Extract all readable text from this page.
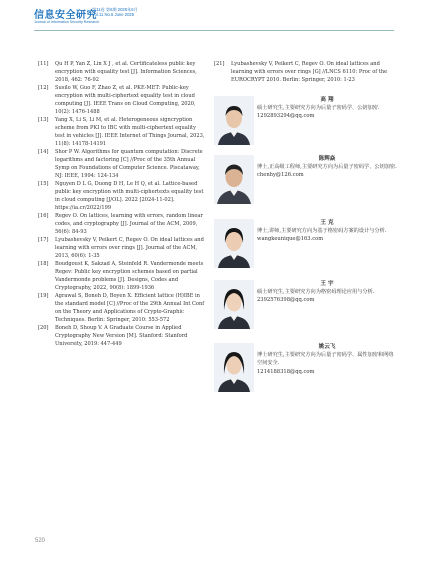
信息安全研究
Journal of Information Security Research
第11卷 第6期 2025年6月
Vol.11 No.6 June 2025
[11] Qu H P, Yan Z, Lin X J , et al. Certificateless public key encryption with equality test [J]. Information Sciences, 2018, 462: 76-92
[12] Susilo W, Guo F, Zhao Z, et al. PKE-MET: Public-key encryption with multi-ciphertext equality test in cloud computing [J]. IEEE Trans on Cloud Computing, 2020, 10(2): 1476-1488
[13] Yang X, Li S, Li M, et al. Heterogeneous signcryption scheme from PKI to IBC with multi-ciphertext equality test in vehicles [J]. IEEE Internet of Things Journal, 2023, 11(8): 14178-14191
[14] Shor P W. Algorithms for quantum computation: Discrete logarithms and factoring [C] //Proc of the 35th Annual Symp on Foundations of Computer Science. Piscataway, NJ: IEEE, 1994: 124-134
[15] Nguyen D L G, Duong D H, Le H Q, et al. Lattice-based public key encryption with multi-ciphertexts equality test in cloud computing [J/OL]. 2022 [2024-11-02]. https://ia.cr/2022/199
[16] Regev O. On lattices, learning with errors, random linear codes, and cryptography [J]. Journal of the ACM, 2009, 56(6): 84-93
[17] Lyubashevsky V, Peikert C, Regev O. On ideal lattices and learning with errors over rings [J]. Journal of the ACM, 2013, 60(6): 1-35
[18] Boudgoust K, Sakzad A, Steinfeld R. Vandermonde meets Regev: Public key encryption schemes based on partial Vandermonde problems [J]. Designs, Codes and Cryptography, 2022, 90(8): 1899-1936
[19] Agrawal S, Boneh D, Boyen X. Efficient lattice (H)IBE in the standard model [C] //Proc of the 29th Annual Int Conf on the Theory and Applications of Crypto-Graphic Techniques. Berlin: Springer, 2010: 553-572
[20] Boneh D, Shoup V. A Graduate Course in Applied Cryptography New Version [M]. Stanford: Stanford University, 2019: 447-449
[21] Lyubashevsky V, Peikert C, Regev O. On ideal lattices and learning with errors over rings [G] //LNCS 6110: Proc of the EUROCRYPT 2010. Berlin: Springer, 2010: 1-23
高 翔
硕士研究生,主要研究方向为后量子密码学、公钥加密.
1292893294@qq.com
陈辉焱
博士,正高级工程师,主要研究方向为后量子密码学、公钥加密.
chenhy@126.com
王 克
博士,讲师,主要研究方向为基于格密码方案的设计与分析.
wangkeunique@163.com
王 宇
硕士研究生,主要研究方向为格密码理论应用与分析.
2392576398@qq.com
姚云飞
博士研究生,主要研究方向为后量子密码学、属性加密和网络空间安全.
1214188318@qq.com
520
